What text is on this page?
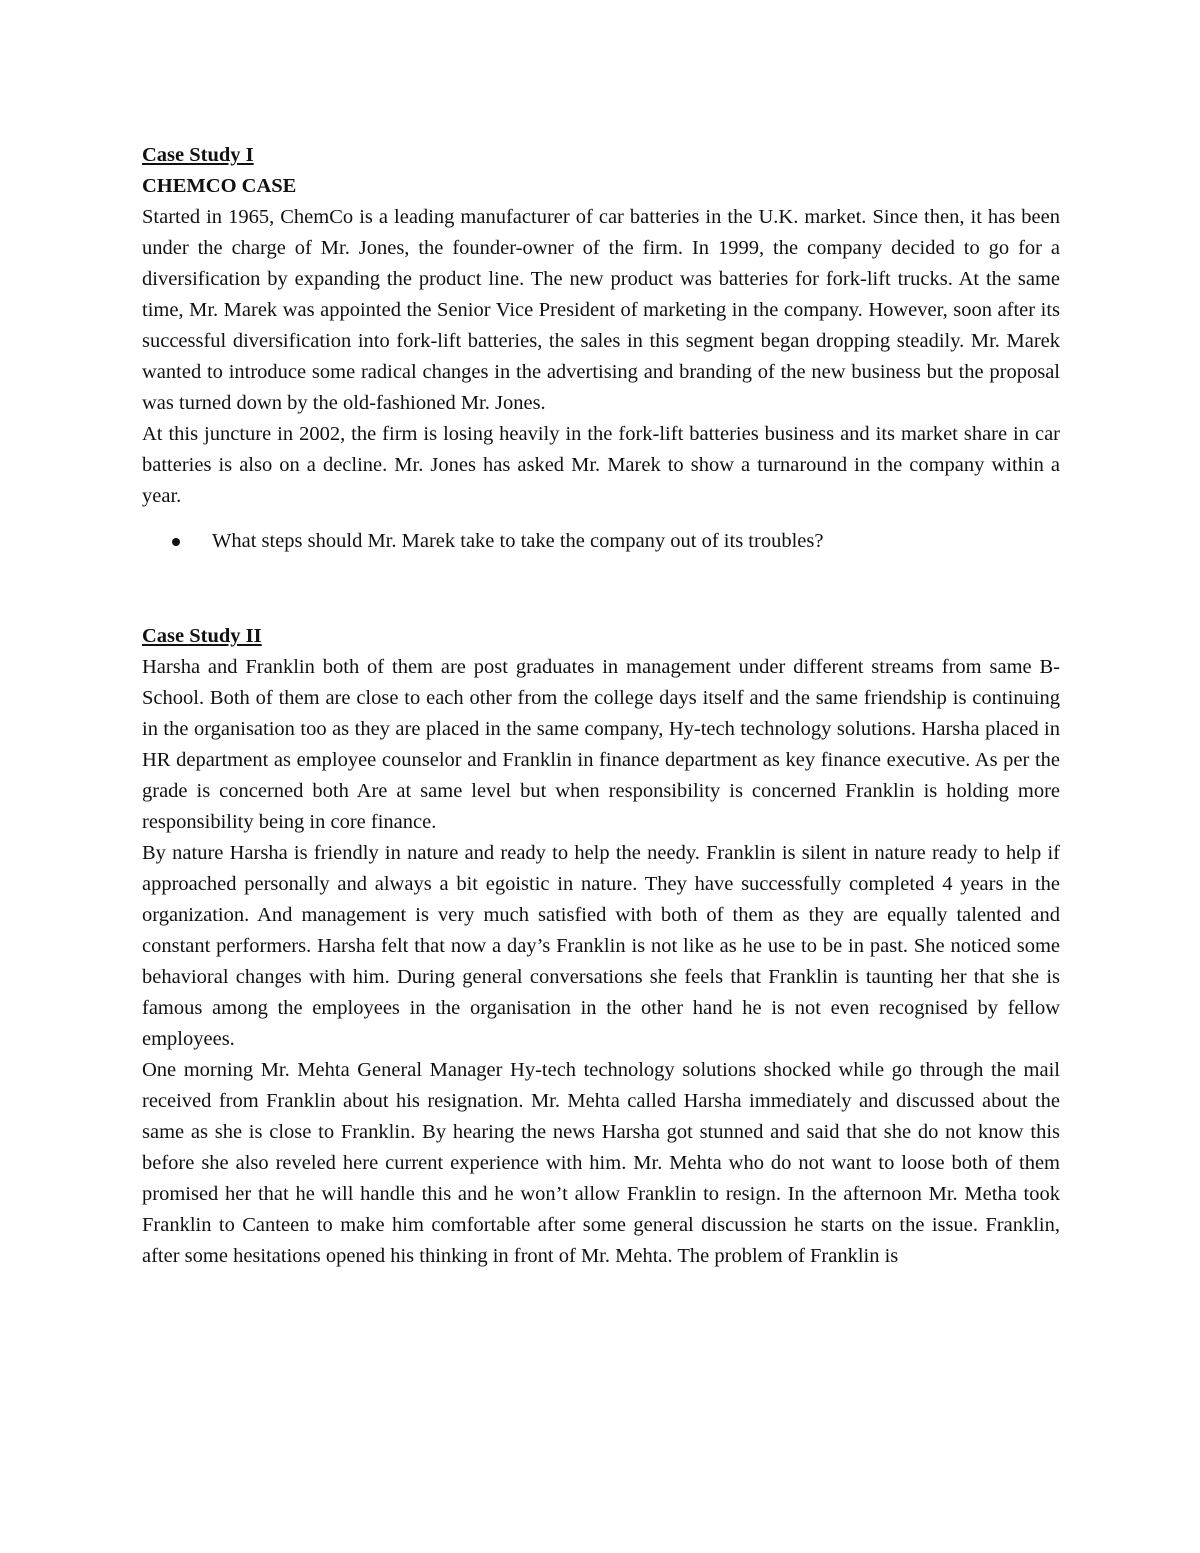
Case Study I

CHEMCO CASE

Started in 1965, ChemCo is a leading manufacturer of car batteries in the U.K. market. Since then, it has been under the charge of Mr. Jones, the founder-owner of the firm. In 1999, the company decided to go for a diversification by expanding the product line. The new product was batteries for fork-lift trucks. At the same time, Mr. Marek was appointed the Senior Vice President of marketing in the company. However, soon after its successful diversification into fork-lift batteries, the sales in this segment began dropping steadily. Mr. Marek wanted to introduce some radical changes in the advertising and branding of the new business but the proposal was turned down by the old-fashioned Mr. Jones.

At this juncture in 2002, the firm is losing heavily in the fork-lift batteries business and its market share in car batteries is also on a decline. Mr. Jones has asked Mr. Marek to show a turnaround in the company within a year.

What steps should Mr. Marek take to take the company out of its troubles?

Case Study II

Harsha and Franklin both of them are post graduates in management under different streams from same B-School. Both of them are close to each other from the college days itself and the same friendship is continuing in the organisation too as they are placed in the same company, Hy-tech technology solutions. Harsha placed in HR department as employee counselor and Franklin in finance department as key finance executive. As per the grade is concerned both Are at same level but when responsibility is concerned Franklin is holding more responsibility being in core finance.

By nature Harsha is friendly in nature and ready to help the needy. Franklin is silent in nature ready to help if approached personally and always a bit egoistic in nature. They have successfully completed 4 years in the organization. And management is very much satisfied with both of them as they are equally talented and constant performers. Harsha felt that now a day’s Franklin is not like as he use to be in past. She noticed some behavioral changes with him. During general conversations she feels that Franklin is taunting her that she is famous among the employees in the organisation in the other hand he is not even recognised by fellow employees.

One morning Mr. Mehta General Manager Hy-tech technology solutions shocked while go through the mail received from Franklin about his resignation. Mr. Mehta called Harsha immediately and discussed about the same as she is close to Franklin. By hearing the news Harsha got stunned and said that she do not know this before she also reveled here current experience with him. Mr. Mehta who do not want to loose both of them promised her that he will handle this and he won’t allow Franklin to resign. In the afternoon Mr. Metha took Franklin to Canteen to make him comfortable after some general discussion he starts on the issue. Franklin, after some hesitations opened his thinking in front of Mr. Mehta. The problem of Franklin is
